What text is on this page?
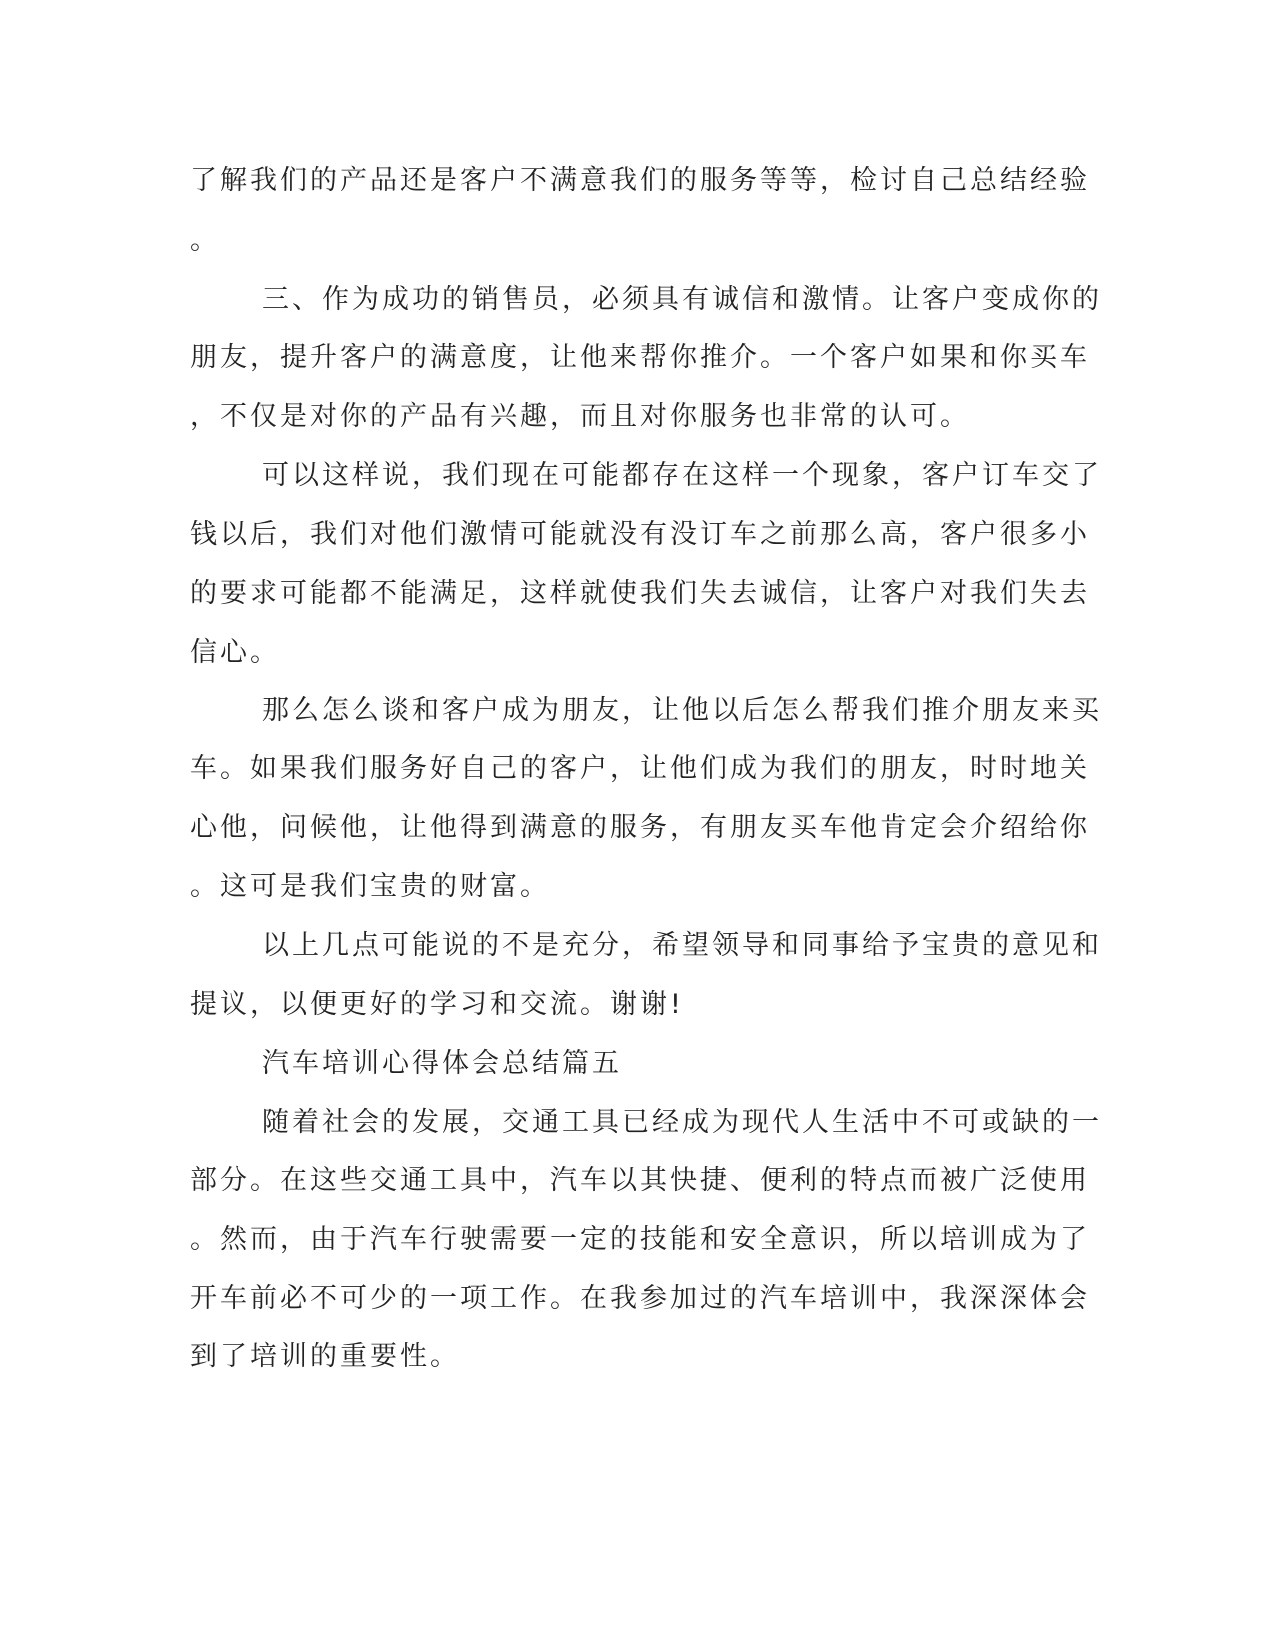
了解我们的产品还是客户不满意我们的服务等等，检讨自己总结经验
。
三、作为成功的销售员，必须具有诚信和激情。让客户变成你的
朋友，提升客户的满意度，让他来帮你推介。一个客户如果和你买车
，不仅是对你的产品有兴趣，而且对你服务也非常的认可。
可以这样说，我们现在可能都存在这样一个现象，客户订车交了
钱以后，我们对他们激情可能就没有没订车之前那么高，客户很多小
的要求可能都不能满足，这样就使我们失去诚信，让客户对我们失去
信心。
那么怎么谈和客户成为朋友，让他以后怎么帮我们推介朋友来买
车。如果我们服务好自己的客户，让他们成为我们的朋友，时时地关
心他，问候他，让他得到满意的服务，有朋友买车他肯定会介绍给你
。这可是我们宝贵的财富。
以上几点可能说的不是充分，希望领导和同事给予宝贵的意见和
提议，以便更好的学习和交流。谢谢!
汽车培训心得体会总结篇五
随着社会的发展，交通工具已经成为现代人生活中不可或缺的一
部分。在这些交通工具中，汽车以其快捷、便利的特点而被广泛使用
。然而，由于汽车行驶需要一定的技能和安全意识，所以培训成为了
开车前必不可少的一项工作。在我参加过的汽车培训中，我深深体会
到了培训的重要性。
